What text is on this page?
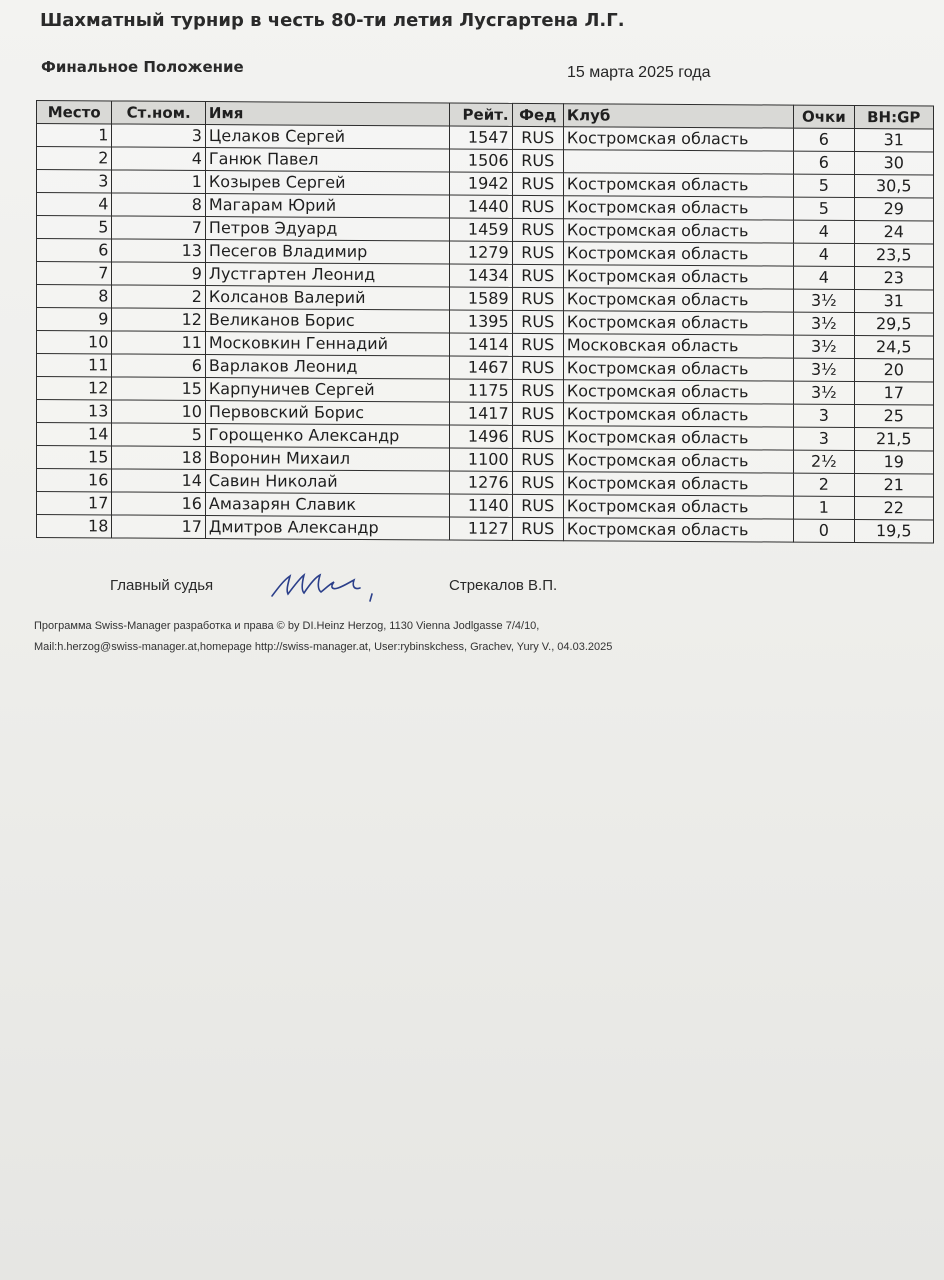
Шахматный турнир в честь 80-ти летия Лусгартена Л.Г.
Финальное Положение	15 марта 2025 года
Место	Ст.ном.	Имя	Рейт.	Фед	Клуб	Очки	BH:GP
1	3	Целаков Сергей	1547	RUS	Костромская область	6	31
2	4	Ганюк Павел	1506	RUS		6	30
3	1	Козырев Сергей	1942	RUS	Костромская область	5	30,5
4	8	Магарам Юрий	1440	RUS	Костромская область	5	29
5	7	Петров Эдуард	1459	RUS	Костромская область	4	24
6	13	Песегов Владимир	1279	RUS	Костромская область	4	23,5
7	9	Лустгартен Леонид	1434	RUS	Костромская область	4	23
8	2	Колсанов Валерий	1589	RUS	Костромская область	3½	31
9	12	Великанов Борис	1395	RUS	Костромская область	3½	29,5
10	11	Московкин Геннадий	1414	RUS	Московская область	3½	24,5
11	6	Варлаков Леонид	1467	RUS	Костромская область	3½	20
12	15	Карпуничев Сергей	1175	RUS	Костромская область	3½	17
13	10	Первовский Борис	1417	RUS	Костромская область	3	25
14	5	Горощенко Александр	1496	RUS	Костромская область	3	21,5
15	18	Воронин Михаил	1100	RUS	Костромская область	2½	19
16	14	Савин Николай	1276	RUS	Костромская область	2	21
17	16	Амазарян Славик	1140	RUS	Костромская область	1	22
18	17	Дмитров Александр	1127	RUS	Костромская область	0	19,5
Главный судья	Стрекалов В.П.
Программа Swiss-Manager разработка и права © by DI.Heinz Herzog, 1130 Vienna Jodlgasse 7/4/10,
Mail:h.herzog@swiss-manager.at,homepage http://swiss-manager.at, User:rybinskchess, Grachev, Yury V., 04.03.2025
